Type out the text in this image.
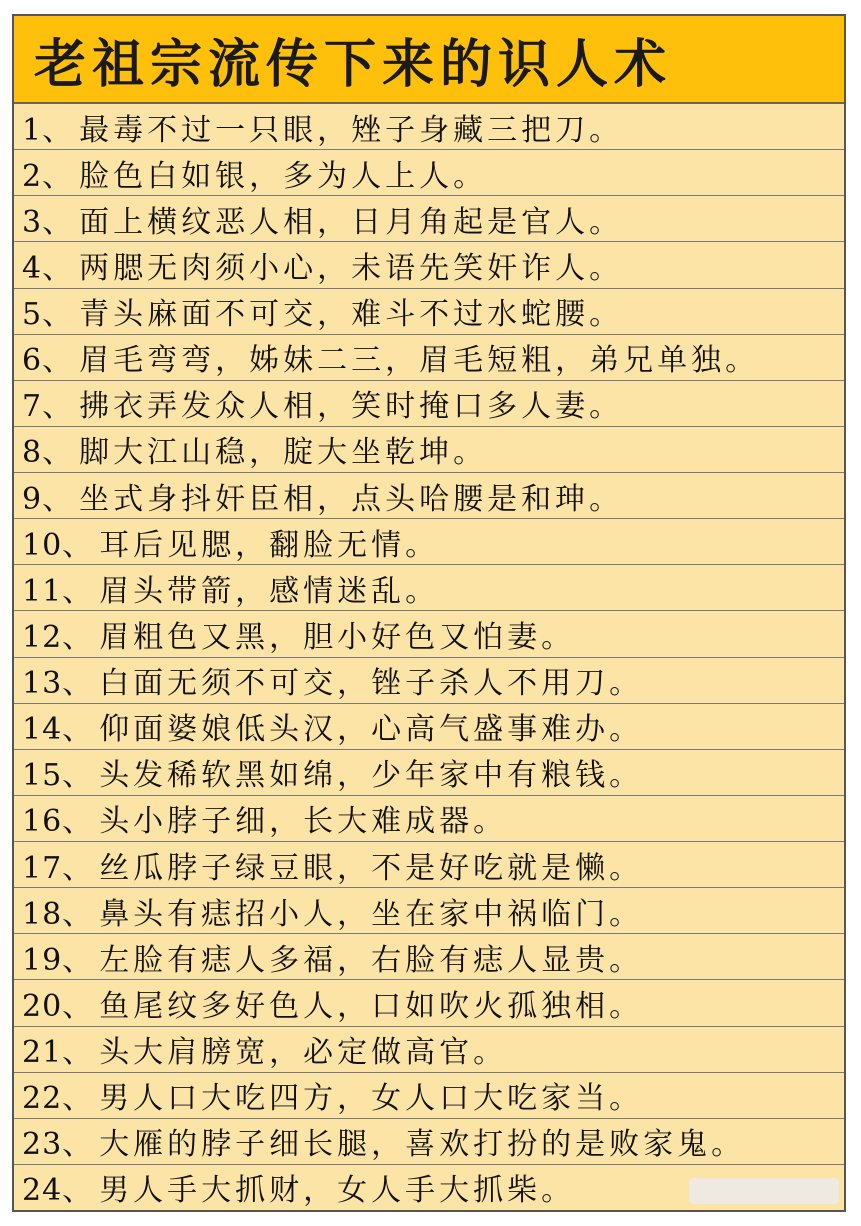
老祖宗流传下来的识人术
1、 最毒不过一只眼，矬子身藏三把刀。
2、 脸色白如银，多为人上人。
3、 面上横纹恶人相，日月角起是官人。
4、 两腮无肉须小心，未语先笑奸诈人。
5、 青头麻面不可交，难斗不过水蛇腰。
6、 眉毛弯弯，姊妹二三，眉毛短粗，弟兄单独。
7、 拂衣弄发众人相，笑时掩口多人妻。
8、 脚大江山稳，腚大坐乾坤。
9、 坐式身抖奸臣相，点头哈腰是和珅。
10、 耳后见腮，翻脸无情。
11、 眉头带箭，感情迷乱。
12、 眉粗色又黑，胆小好色又怕妻。
13、 白面无须不可交，锉子杀人不用刀。
14、 仰面婆娘低头汉，心高气盛事难办。
15、 头发稀软黑如绵，少年家中有粮钱。
16、 头小脖子细，长大难成器。
17、 丝瓜脖子绿豆眼，不是好吃就是懒。
18、 鼻头有痣招小人，坐在家中祸临门。
19、 左脸有痣人多福，右脸有痣人显贵。
20、 鱼尾纹多好色人，口如吹火孤独相。
21、 头大肩膀宽，必定做高官。
22、 男人口大吃四方，女人口大吃家当。
23、 大雁的脖子细长腿，喜欢打扮的是败家鬼。
24、 男人手大抓财，女人手大抓柴。
